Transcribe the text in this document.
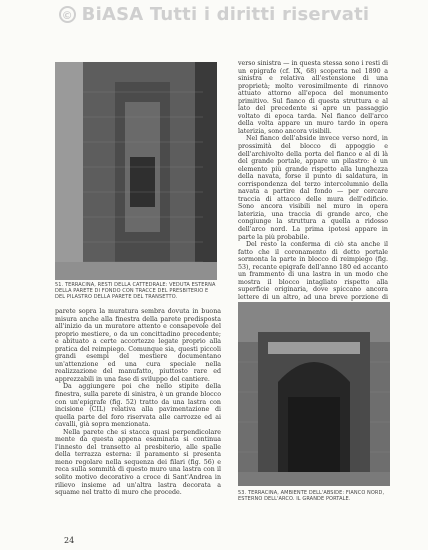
© BiASA Tutti i diritti riservati
51. TERRACINA, RESTI DELLA CATTEDRALE: VEDUTA ESTERNA DELLA PARETE DI FONDO CON TRACCE DEL PRESBITERIO E DEL PILASTRO DELLA PARETE DEL TRANSETTO.

verso sinistra — in questa stessa sono i resti di un epigrafe (cf. IX, 68) scoperta nel 1890 a sinistra e relativa all'estensione di una proprietà; molto verosimilmente di rinnovo attuato attorno all'epoca del monumento primitivo. Sul fianco di questa struttura e al lato del precedente si apre un passaggio voltato di epoca tarda. Nel fianco dell'arco della volta appare un muro tardo in opera laterizia, sono ancora visibili.

Nel fianco dell'abside invece verso nord, in prossimità del blocco di appoggio e dell'archivolto della porta del fianco e al di là del grande portale, appare un pilastro: è un elemento più grande rispetto alla lunghezza della navata, forse il punto di saldatura, in corrispondenza del terzo intercolumnio della navata a partire dal fondo — per cercare traccia di attacco delle mura dell'edificio. Sono ancora visibili nel muro in opera laterizia, una traccia di grande arco, che congiunge la struttura a quella a ridosso dell'arco nord. La prima ipotesi appare in parte la più probabile.

Del resto la conferma di ciò sta anche il fatto che il coronamento di detto portale sormonta la parte in blocco di reimpiego (fig. 53), recante epigrafe dell'anno 180 ed accanto un frammento di una lastra in un modo che mostra il blocco intagliato rispetto alla superficie originaria, dove spiccano ancora lettere di un altro, ad una breve porzione di

parete sopra la muratura sembra dovuta in buona misura anche alla finestra della parete predisposta all'inizio da un muratore attento e consapevole del proprio mestiere, o da un concittadino precedente; e abituato a certe accortezze legate proprio alla pratica del reimpiego. Comunque sia, questi piccoli grandi esempi del mestiere documentano un'attenzione ed una cura speciale nella realizzazione del manufatto, piuttosto rare ed apprezzabili in una fase di sviluppo del cantiere.

Da aggiungere poi che nello stipite della finestra, sulla parete di sinistra, è un grande blocco con un'epigrafe (fig. 52) tratto da una lastra con incisione (CIL) relativa alla pavimentazione di quella parte del foro riservata alle carrozze ed ai cavalli, già sopra menzionata.

Nella parete che si stacca quasi perpendicolare mente da questa appena esaminata si continua l'innesto del transetto al presbiterio, alle spalle della terrazza esterna: il paramento si presenta meno regolare nella sequenza dei filari (fig. 56) e reca sulla sommità di questo muro una lastra con il solito motivo decorativo a croce di Sant'Andrea in rilievo insieme ad un'altra lastra decorata a squame nel tratto di muro che procede.	53. TERRACINA, AMBIENTE DELL'ABSIDE: FIANCO NORD, ESTERNO DELL'ARCO. IL GRANDE PORTALE.
24
